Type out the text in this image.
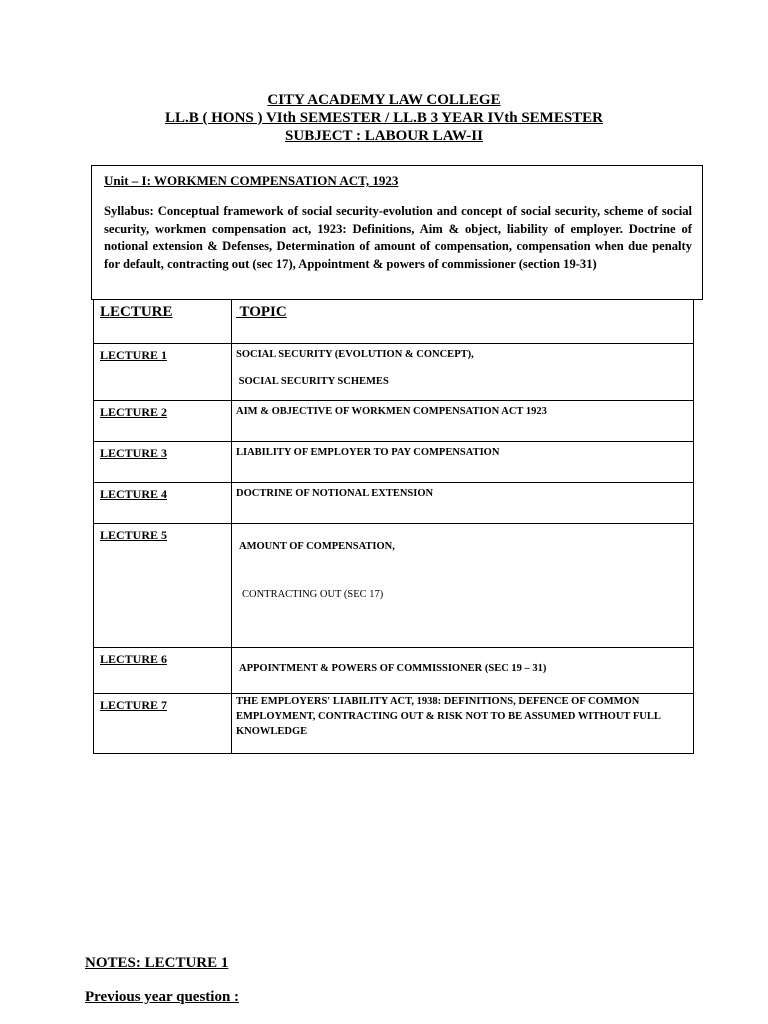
CITY ACADEMY LAW COLLEGE
LL.B ( HONS ) VIth SEMESTER / LL.B 3 YEAR IVth SEMESTER
SUBJECT : LABOUR LAW-II
Unit – I: WORKMEN COMPENSATION ACT, 1923
Syllabus: Conceptual framework of social security-evolution and concept of social security, scheme of social security, workmen compensation act, 1923: Definitions, Aim & object, liability of employer. Doctrine of notional extension & Defenses, Determination of amount of compensation, compensation when due penalty for default, contracting out (sec 17), Appointment & powers of commissioner (section 19-31)
LECTURE	TOPIC

LECTURE 1	SOCIAL SECURITY (EVOLUTION & CONCEPT),
SOCIAL SECURITY SCHEMES

LECTURE 2	AIM & OBJECTIVE OF WORKMEN COMPENSATION ACT 1923

LECTURE 3	LIABILITY OF EMPLOYER TO PAY COMPENSATION

LECTURE 4	DOCTRINE OF NOTIONAL EXTENSION

LECTURE 5	AMOUNT OF COMPENSATION,
CONTRACTING OUT (SEC 17)

LECTURE 6	APPOINTMENT & POWERS OF COMMISSIONER (SEC 19 – 31)

LECTURE 7	THE EMPLOYERS' LIABILITY ACT, 1938: DEFINITIONS, DEFENCE OF COMMON EMPLOYMENT, CONTRACTING OUT & RISK NOT TO BE ASSUMED WITHOUT FULL KNOWLEDGE
NOTES: LECTURE 1
Previous year question :
